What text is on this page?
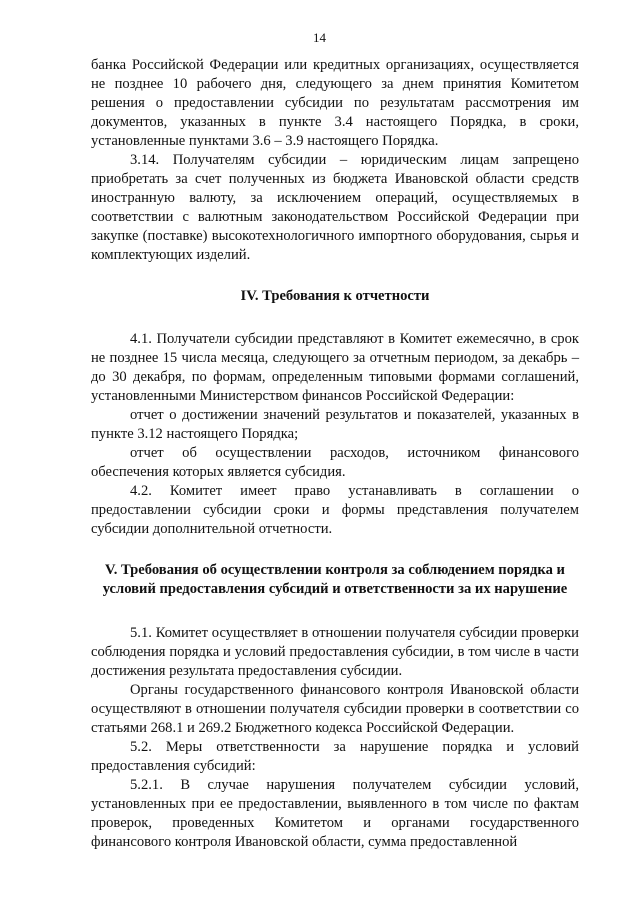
14

банка Российской Федерации или кредитных организациях, осуществляется не позднее 10 рабочего дня, следующего за днем принятия Комитетом решения о предоставлении субсидии по результатам рассмотрения им документов, указанных в пункте 3.4 настоящего Порядка, в сроки, установленные пунктами 3.6 – 3.9 настоящего Порядка.

3.14. Получателям субсидии – юридическим лицам запрещено приобретать за счет полученных из бюджета Ивановской области средств иностранную валюту, за исключением операций, осуществляемых в соответствии с валютным законодательством Российской Федерации при закупке (поставке) высокотехнологичного импортного оборудования, сырья и комплектующих изделий.

IV. Требования к отчетности

4.1. Получатели субсидии представляют в Комитет ежемесячно, в срок не позднее 15 числа месяца, следующего за отчетным периодом, за декабрь – до 30 декабря, по формам, определенным типовыми формами соглашений, установленными Министерством финансов Российской Федерации:

отчет о достижении значений результатов и показателей, указанных в пункте 3.12 настоящего Порядка;

отчет об осуществлении расходов, источником финансового обеспечения которых является субсидия.

4.2. Комитет имеет право устанавливать в соглашении о предоставлении субсидии сроки и формы представления получателем субсидии дополнительной отчетности.

V. Требования об осуществлении контроля за соблюдением порядка и условий предоставления субсидий и ответственности за их нарушение

5.1. Комитет осуществляет в отношении получателя субсидии проверки соблюдения порядка и условий предоставления субсидии, в том числе в части достижения результата предоставления субсидии.

Органы государственного финансового контроля Ивановской области осуществляют в отношении получателя субсидии проверки в соответствии со статьями 268.1 и 269.2 Бюджетного кодекса Российской Федерации.

5.2. Меры ответственности за нарушение порядка и условий предоставления субсидий:

5.2.1. В случае нарушения получателем субсидии условий, установленных при ее предоставлении, выявленного в том числе по фактам проверок, проведенных Комитетом и органами государственного финансового контроля Ивановской области, сумма предоставленной
